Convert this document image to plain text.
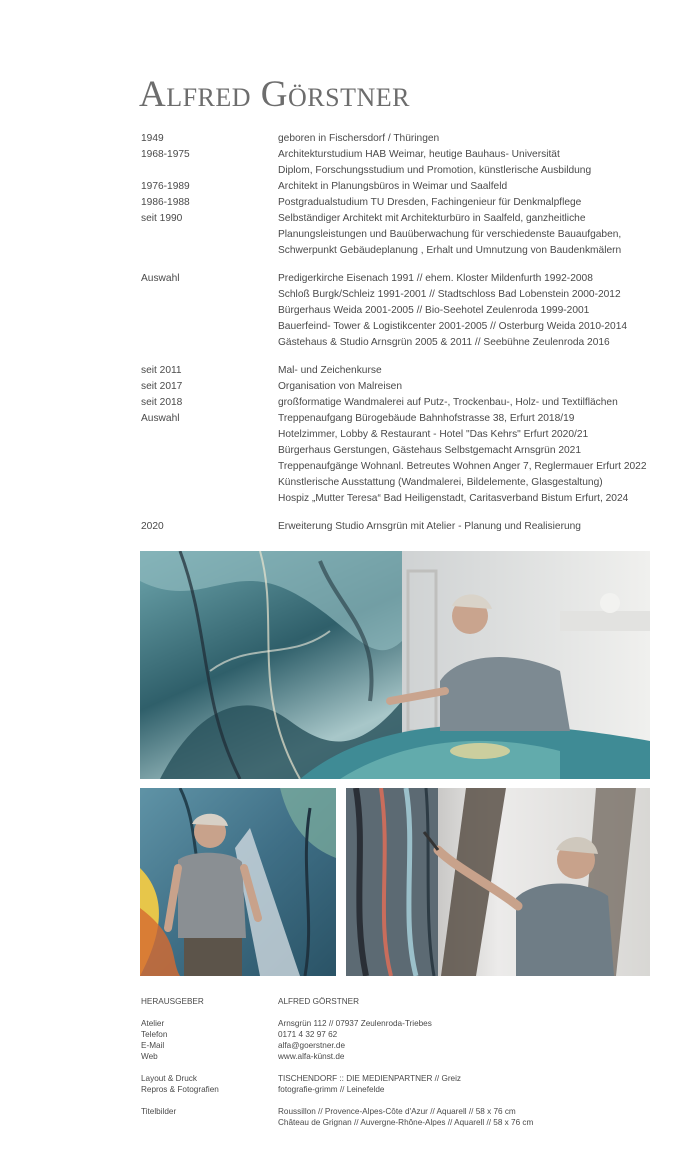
Alfred Görstner
1949	geboren in Fischersdorf / Thüringen
1968-1975	Architekturstudium HAB Weimar, heutige Bauhaus- Universität
Diplom, Forschungsstudium und Promotion, künstlerische Ausbildung
1976-1989	Architekt in Planungsbüros in Weimar und Saalfeld
1986-1988	Postgradualstudium TU Dresden, Fachingenieur für Denkmalpflege
seit 1990	Selbständiger Architekt mit Architekturbüro in Saalfeld, ganzheitliche
Planungsleistungen und Bauüberwachung für verschiedenste Bauaufgaben,
Schwerpunkt Gebäudeplanung , Erhalt und Umnutzung von Baudenkmälern
Auswahl	Predigerkirche Eisenach 1991 // ehem. Kloster Mildenfurth 1992-2008
Schloß Burgk/Schleiz 1991-2001 // Stadtschloss Bad Lobenstein 2000-2012
Bürgerhaus Weida 2001-2005 // Bio-Seehotel Zeulenroda 1999-2001
Bauerfeind- Tower & Logistikcenter 2001-2005 // Osterburg Weida 2010-2014
Gästehaus & Studio Arnsgrün 2005 & 2011 // Seebühne Zeulenroda 2016
seit 2011	Mal- und Zeichenkurse
seit 2017	Organisation von Malreisen
seit 2018	großformatige Wandmalerei auf Putz-, Trockenbau-, Holz- und Textilflächen
Auswahl	Treppenaufgang Bürogebäude Bahnhofstrasse 38, Erfurt 2018/19
Hotelzimmer, Lobby & Restaurant - Hotel "Das Kehrs" Erfurt 2020/21
Bürgerhaus Gerstungen, Gästehaus Selbstgemacht Arnsgrün 2021
Treppenaufgänge Wohnanl. Betreutes Wohnen Anger 7, Reglermauer Erfurt 2022
Künstlerische Ausstattung (Wandmalerei, Bildelemente, Glasgestaltung)
Hospiz „Mutter Teresa“ Bad Heiligenstadt, Caritasverband Bistum Erfurt, 2024
2020	Erweiterung Studio Arnsgrün mit Atelier - Planung und Realisierung
HERAUSGEBER	ALFRED GÖRSTNER
Atelier	Arnsgrün 112 // 07937 Zeulenroda-Triebes
Telefon	0171 4 32 97 62
E-Mail	alfa@goerstner.de
Web	www.alfa-künst.de
Layout & Druck	TISCHENDORF :: DIE MEDIENPARTNER // Greiz
Repros & Fotografien	fotografie-grimm // Leinefelde
Titelbilder	Roussillon // Provence-Alpes-Côte d'Azur // Aquarell // 58 x 76 cm
Château de Grignan // Auvergne-Rhône-Alpes // Aquarell // 58 x 76 cm
